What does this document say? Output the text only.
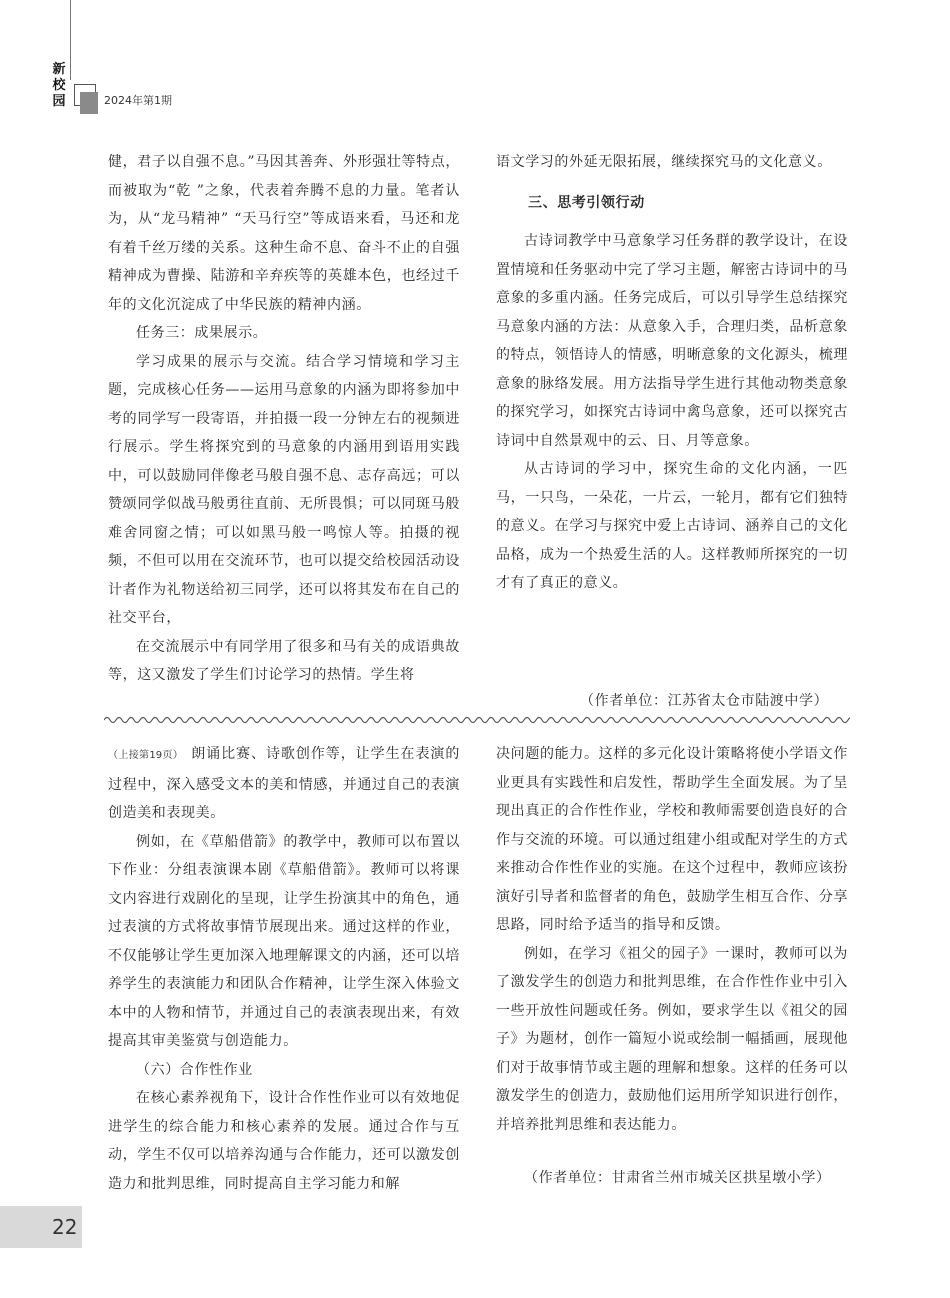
新
校
园	2024年第1期

健，君子以自强不息。”马因其善奔、外形强壮等特点，而被取为“乾 ”之象，代表着奔腾不息的力量。笔者认为，从“龙马精神” “天马行空”等成语来看，马还和龙有着千丝万缕的关系。这种生命不息、奋斗不止的自强精神成为曹操、陆游和辛弃疾等的英雄本色，也经过千年的文化沉淀成了中华民族的精神内涵。

任务三：成果展示。

学习成果的展示与交流。结合学习情境和学习主题，完成核心任务——运用马意象的内涵为即将参加中考的同学写一段寄语，并拍摄一段一分钟左右的视频进行展示。学生将探究到的马意象的内涵用到语用实践中，可以鼓励同伴像老马般自强不息、志存高远；可以赞颂同学似战马般勇往直前、无所畏惧；可以同斑马般难舍同窗之情；可以如黑马般一鸣惊人等。拍摄的视频，不但可以用在交流环节，也可以提交给校园活动设计者作为礼物送给初三同学，还可以将其发布在自己的社交平台，

在交流展示中有同学用了很多和马有关的成语典故等，这又激发了学生们讨论学习的热情。学生将

语文学习的外延无限拓展，继续探究马的文化意义。

三、思考引领行动

古诗词教学中马意象学习任务群的教学设计，在设置情境和任务驱动中完了学习主题，解密古诗词中的马意象的多重内涵。任务完成后，可以引导学生总结探究马意象内涵的方法：从意象入手，合理归类，品析意象的特点，领悟诗人的情感，明晰意象的文化源头，梳理意象的脉络发展。用方法指导学生进行其他动物类意象的探究学习，如探究古诗词中禽鸟意象，还可以探究古诗词中自然景观中的云、日、月等意象。

从古诗词的学习中，探究生命的文化内涵，一匹马，一只鸟，一朵花，一片云，一轮月，都有它们独特的意义。在学习与探究中爱上古诗词、涵养自己的文化品格，成为一个热爱生活的人。这样教师所探究的一切才有了真正的意义。

（作者单位：江苏省太仓市陆渡中学）

（上接第19页） 朗诵比赛、诗歌创作等，让学生在表演的过程中，深入感受文本的美和情感，并通过自己的表演创造美和表现美。

例如，在《草船借箭》的教学中，教师可以布置以下作业：分组表演课本剧《草船借箭》。教师可以将课文内容进行戏剧化的呈现，让学生扮演其中的角色，通过表演的方式将故事情节展现出来。通过这样的作业，不仅能够让学生更加深入地理解课文的内涵，还可以培养学生的表演能力和团队合作精神，让学生深入体验文本中的人物和情节，并通过自己的表演表现出来，有效提高其审美鉴赏与创造能力。

（六）合作性作业

在核心素养视角下，设计合作性作业可以有效地促进学生的综合能力和核心素养的发展。通过合作与互动，学生不仅可以培养沟通与合作能力，还可以激发创造力和批判思维，同时提高自主学习能力和解

决问题的能力。这样的多元化设计策略将使小学语文作业更具有实践性和启发性，帮助学生全面发展。为了呈现出真正的合作性作业，学校和教师需要创造良好的合作与交流的环境。可以通过组建小组或配对学生的方式来推动合作性作业的实施。在这个过程中，教师应该扮演好引导者和监督者的角色，鼓励学生相互合作、分享思路，同时给予适当的指导和反馈。

例如，在学习《祖父的园子》一课时，教师可以为了激发学生的创造力和批判思维，在合作性作业中引入一些开放性问题或任务。例如，要求学生以《祖父的园子》为题材，创作一篇短小说或绘制一幅插画，展现他们对于故事情节或主题的理解和想象。这样的任务可以激发学生的创造力，鼓励他们运用所学知识进行创作，并培养批判思维和表达能力。

（作者单位：甘肃省兰州市城关区拱星墩小学）
22
